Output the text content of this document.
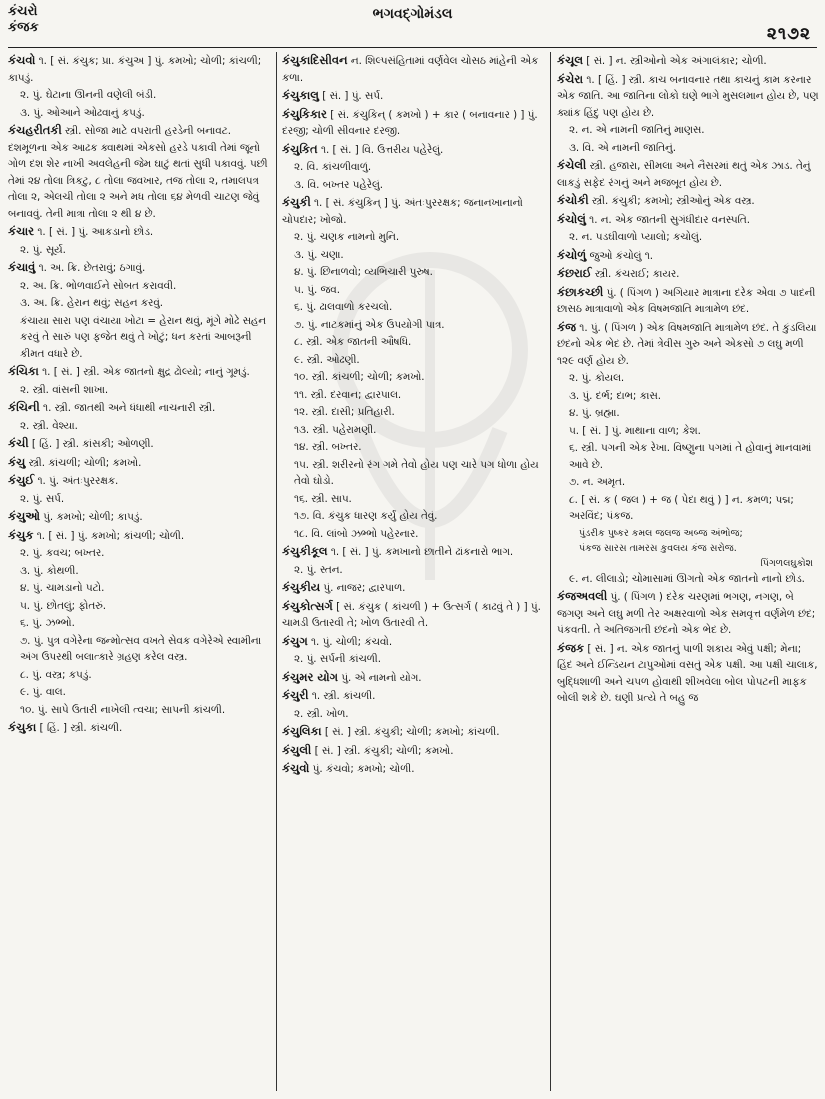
કંચરો
કંજક
ભગવદ્ગોમંડલ
૨૧૭૨
કંચવો ૧. [ સં. કંચુક; પ્રા. કંચુઅ ] પું. કમખો; ચોળી; કાંચળી; કાપડું.
૨. પું. ઘેટાના ઊનની વણેલી બંડી.
૩. પું. ઓઆને ઓઢવાનું કપડું.
કંચહરીતકી સ્ત્રી. સોજા માટે વપરાતી હરડેની બનાવટ. દશમૂળના એક આઢક ક્વાથમાં એકસો હરડે પકાવી તેમાં જૂનો ગોળ દશ શેર નાખી અવલેહની જેમ ઘાટું થતાં સુધી પકાવવું. પછી તેમાં ૨૪ તોલા ત્રિકટુ, ૮ તોલા જવખાર, તજ તોલા ૨, તમાલપત્ર તોલા ૨, એલચી તોલા ૨ અને મધ તોલા ૬૪ મેળવી ચાટણ જેવું બનાવવું. તેની માત્રા તોલા ૨ થી ૪ છે.
કંચાર ૧. [ સં. ] પું. આકડાનો છોડ.
૨. પું. સૂર્ય.
કંચાવું ૧. અ. ક્રિ. છેતરાવું; ઠગાવું.
૨. અ. ક્રિ. ભોળવાઈને સોબત કરાવવી.
૩. અ. ક્રિ. હેરાન થવું; સહન કરવું.
કંચાયા સારા પણ વંચાયા ખોટા = હેરાન થવું, મૂંગે મોઢે સહન કરવું તે સારું પણ ફજેત થવું તે ખોટું; ધન કરતાં આબરૂની કીમત વધારે છે.
કંચિકા ૧. [ સં. ] સ્ત્રી. એક જાતનો ક્ષુદ્ર ઢોલ્યો; નાનું ગૂમડું.
૨. સ્ત્રી. વાંસની શાખા.
કંચિની ૧. સ્ત્રી. જાતથી અને ધંધાથી નાચનારી સ્ત્રી.
૨. સ્ત્રી. વેશ્યા.
કંચી [ હિં. ] સ્ત્રી. કાંસકી; ઓળણી.
કંચુ સ્ત્રી. કાંચળી; ચોળી; કમખો.
કંચુઈ ૧. પું. અંતઃપુરરક્ષક.
૨. પું. સર્પ.
કંચુઓ પું. કમખો; ચોળી; કાપડું.
કંચુક ૧. [ સં. ] પું. કમખો; કાંચળી; ચોળી.
૨. પું. કવચ; બખ્તર.
૩. પું. કોથળી.
૪. પું. ચામડાનો પટો.
૫. પું. છોતલું; ફોતરું.
૬. પું. ઝભ્ભો.
૭. પું. પુત્ર વગેરેના જન્મોત્સવ વખતે સેવક વગેરેએ સ્વામીના અંગ ઉપરથી બલાત્કારે ગ્રહણ કરેલ વસ્ત્ર.
૮. પું. વસ્ત્ર; કપડું.
૯. પું. વાલ.
૧૦. પું. સાપે ઉતારી નાખેલી ત્વચા; સાપની કાંચળી.
કંચુકા [ હિં. ] સ્ત્રી. કાંચળી.
કંચુકાદિસીવન ન. શિલ્પસંહિતામાં વર્ણવેલ ચોસઠ માંહેની એક કળા.
કંચુકાલુ [ સં. ] પું. સર્પ.
કંચુકિકાર [ સં. કંચુકિન્ ( કમખો ) + કાર ( બનાવનાર ) ] પું. દરજી; ચોળી સીવનાર દરજી.
કંચુકિત ૧. [ સં. ] વિ. ઉત્તરીય પહેરેલું.
૨. વિ. કાંચળીવાળું.
૩. વિ. બખ્તર પહેરેલું.
કંચુકી ૧. [ સં. કંચુકિન્ ] પું. અંતઃપુરરક્ષક; જનાનખાનાનો ચોપદાર; ખોજો.
૨. પું. ચણક નામનો મુનિ.
૩. પું. ચણા.
૪. પું. છિનાળવો; વ્યભિચારી પુરુષ.
૫. પું. જવ.
૬. પું. ઢાલવાળો કરચલો.
૭. પું. નાટકમાંનું એક ઉપયોગી પાત્ર.
૮. સ્ત્રી. એક જાતની ઔષધિ.
૯. સ્ત્રી. ઓઢણી.
૧૦. સ્ત્રી. કાંચળી; ચોળી; કમખો.
૧૧. સ્ત્રી. દરવાન; દ્વારપાલ.
૧૨. સ્ત્રી. દાસી; પ્રતિહારી.
૧૩. સ્ત્રી. પહેરામણી.
૧૪. સ્ત્રી. બખ્તર.
૧૫. સ્ત્રી. શરીરનો રંગ ગમે તેવો હોય પણ ચારે પગ ધોળા હોય તેવો ઘોડો.
૧૬. સ્ત્રી. સાપ.
૧૭. વિ. કંચુક ધારણ કર્યું હોય તેવું.
૧૮. વિ. લાંબો ઝભ્ભો પહેરનાર.
કંચુકીકૂલ ૧. [ સં. ] પું. કમખાનો છાતીને ઢાંકનારો ભાગ.
૨. પું. સ્તન.
કંચુકીય પું. નાજર; દ્વારપાળ.
કંચુકોત્સર્ગ [ સં. કંચુક ( કાંચળી ) + ઉત્સર્ગ ( કાઢવું તે ) ] પું. ચામડી ઉતારવી તે; ખોળ ઉતારવી તે.
કંચુગ ૧. પું. ચોળી; કંચવો.
૨. પું. સર્પની કાંચળી.
કંચુમર યોગ પું. એ નામનો યોગ.
કંચુરી ૧. સ્ત્રી. કાંચળી.
૨. સ્ત્રી. ખોળ.
કંચુલિકા [ સં. ] સ્ત્રી. કંચુકી; ચોળી; કમખો; કાંચળી.
કંચુલી [ સં. ] સ્ત્રી. કંચુકી; ચોળી; કમખો.
કંચુવો પું. કંચવો; કમખો; ચોળી.
કંચૂલ [ સં. ] ન. સ્ત્રીઓનો એક અંગાલંકાર; ચોળી.
કંચેરા ૧. [ હિં. ] સ્ત્રી. કાચ બનાવનાર તથા કાચનું કામ કરનાર એક જાતિ. આ જાતિના લોકો ઘણે ભાગે મુસલમાન હોય છે, પણ ક્યાંક હિંદુ પણ હોય છે.
૨. ન. એ નામની જાતિનું માણસ.
૩. વિ. એ નામની જાતિનું.
કંચેલી સ્ત્રી. હજારા, સીમલા અને નૈસરમાં થતું એક ઝાડ. તેનું લાકડું સફેદ રંગનું અને મજબૂત હોય છે.
કંચોકી સ્ત્રી. કંચુકી; કમખો; સ્ત્રીઓનું એક વસ્ત્ર.
કંચોલું ૧. ન. એક જાતની સુગંધીદાર વનસ્પતિ.
૨. ન. પડઘીવાળો પ્યાલો; કચોલું.
કંચોળું જુઓ કંચોલું ૧.
કંછરાઈ સ્ત્રી. કંચરાઈ; કાયર.
કંછાકચ્છી પું. ( પિંગળ ) અગિયાર માત્રાના દરેક એવા ૭ પાદની છાસઠ માત્રાવાળો એક વિષમજાતિ માત્રામેળ છંદ.
કંજ ૧. પું. ( પિંગળ ) એક વિષમજાતિ માત્રામેળ છંદ. તે કુંડલિયા છંદનો એક ભેદ છે. તેમાં ત્રેવીસ ગુરુ અને એકસો ૭ લઘુ મળી ૧૨૯ વર્ણ હોય છે.
૨. પું. કોયલ.
૩. પું. દર્ભ; દાભ; કાસ.
૪. પું. બ્રહ્મા.
૫. [ સં. ] પું. માથાના વાળ; કેશ.
૬. સ્ત્રી. પગની એક રેખા. વિષ્ણુના પગમાં તે હોવાનું માનવામાં આવે છે.
૭. ન. અમૃત.
૮. [ સં. ક ( જલ ) + જ ( પેદા થવું ) ] ન. કમળ; પદ્મ; અરવિંદ; પંકજ.
પુંડરીક પુષ્કર કમલ જલજ અબ્જ અંભોજ;
પંકજ સારસ તામરસ કુવલય કંજ સરોજ.
પિંગળલઘુકોશ
૯. ન. લીલાડો; ચોમાસામાં ઊગતો એક જાતનો નાનો છોડ.
કંજઅવલી પું. ( પિંગળ ) દરેક ચરણમાં ભગણ, નગણ, બે જગણ અને લઘુ મળી તેર અક્ષરવાળો એક સમવૃત્ત વર્ણમેળ છંદ; પંકવતી. તે અતિજગતી છંદનો એક ભેદ છે.
કંજક [ સં. ] ન. એક જાતનું પાળી શકાય એવું પક્ષી; મેના; હિંદ અને ઈન્ડિયન ટાપુઓમાં વસતું એક પક્ષી. આ પક્ષી ચાલાક, બુદ્ધિશાળી અને ચપળ હોવાથી શીખવેલા બોલ પોપટની માફક બોલી શકે છે. ઘણી પ્રત્યે તે બહુ જ
